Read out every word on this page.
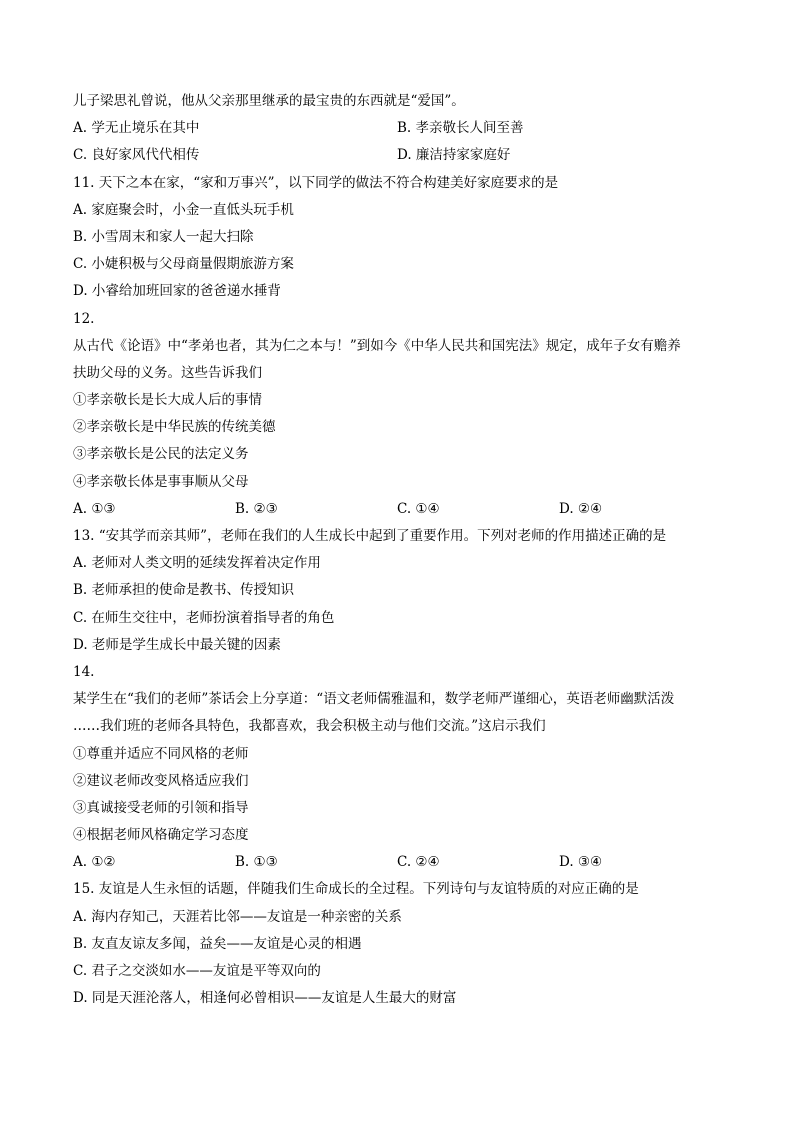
儿子梁思礼曾说，他从父亲那里继承的最宝贵的东西就是“爱国”。
A. 学无止境乐在其中	B. 孝亲敬长人间至善
C. 良好家风代代相传	D. 廉洁持家家庭好
11. 天下之本在家，“家和万事兴”，以下同学的做法不符合构建美好家庭要求的是
A. 家庭聚会时，小金一直低头玩手机
B. 小雪周末和家人一起大扫除
C. 小婕积极与父母商量假期旅游方案
D. 小睿给加班回家的爸爸递水捶背
12.
从古代《论语》中“孝弟也者，其为仁之本与！”到如今《中华人民共和国宪法》规定，成年子女有赡养
扶助父母的义务。这些告诉我们
①孝亲敬长是长大成人后的事情
②孝亲敬长是中华民族的传统美德
③孝亲敬长是公民的法定义务
④孝亲敬长体是事事顺从父母
A. ①③	B. ②③	C. ①④	D. ②④
13. “安其学而亲其师”，老师在我们的人生成长中起到了重要作用。下列对老师的作用描述正确的是
A. 老师对人类文明的延续发挥着决定作用
B. 老师承担的使命是教书、传授知识
C. 在师生交往中，老师扮演着指导者的角色
D. 老师是学生成长中最关键的因素
14.
某学生在“我们的老师”茶话会上分享道：“语文老师儒雅温和，数学老师严谨细心，英语老师幽默活泼
……我们班的老师各具特色，我都喜欢，我会积极主动与他们交流。”这启示我们
①尊重并适应不同风格的老师
②建议老师改变风格适应我们
③真诚接受老师的引领和指导
④根据老师风格确定学习态度
A. ①②	B. ①③	C. ②④	D. ③④
15. 友谊是人生永恒的话题，伴随我们生命成长的全过程。下列诗句与友谊特质的对应正确的是
A. 海内存知己，天涯若比邻——友谊是一种亲密的关系
B. 友直友谅友多闻，益矣——友谊是心灵的相遇
C. 君子之交淡如水——友谊是平等双向的
D. 同是天涯沦落人，相逢何必曾相识——友谊是人生最大的财富
